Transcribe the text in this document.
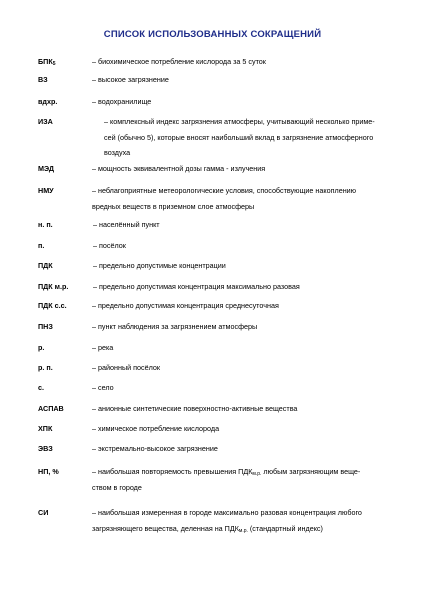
СПИСОК ИСПОЛЬЗОВАННЫХ СОКРАЩЕНИЙ
$БПК_5$	– биохимическое потребление кислорода за 5 суток
ВЗ	– высокое загрязнение
вдхр.	– водохранилище
ИЗА	– комплексный индекс загрязнения атмосферы, учитывающий несколько приме-
сей (обычно 5), которые вносят наибольший вклад в загрязнение атмосферного
воздуха
МЭД	– мощность эквивалентной дозы гамма - излучения
НМУ	– неблагоприятные метеорологические условия, способствующие накоплению
вредных веществ в приземном слое атмосферы
н. п.	– населённый пункт
п.	– посёлок
ПДК	– предельно допустимые концентрации
ПДК м.р.	– предельно допустимая концентрация максимально разовая
ПДК с.с.	– предельно допустимая концентрация среднесуточная
ПНЗ	– пункт наблюдения за загрязнением атмосферы
р.	– река
р. п.	– районный посёлок
с.	– село
АСПАВ	– анионные синтетические поверхностно-активные вещества
ХПК	– химическое потребление кислорода
ЭВЗ	– экстремально-высокое загрязнение
НП, %	– наибольшая повторяемость превышения $ПДК_{м.р.}$ любым загрязняющим веще-
ством в городе
СИ	– наибольшая измеренная в городе максимально разовая концентрация любого
загрязняющего вещества, деленная на $ПДК_{м.р.}$ (стандартный индекс)
